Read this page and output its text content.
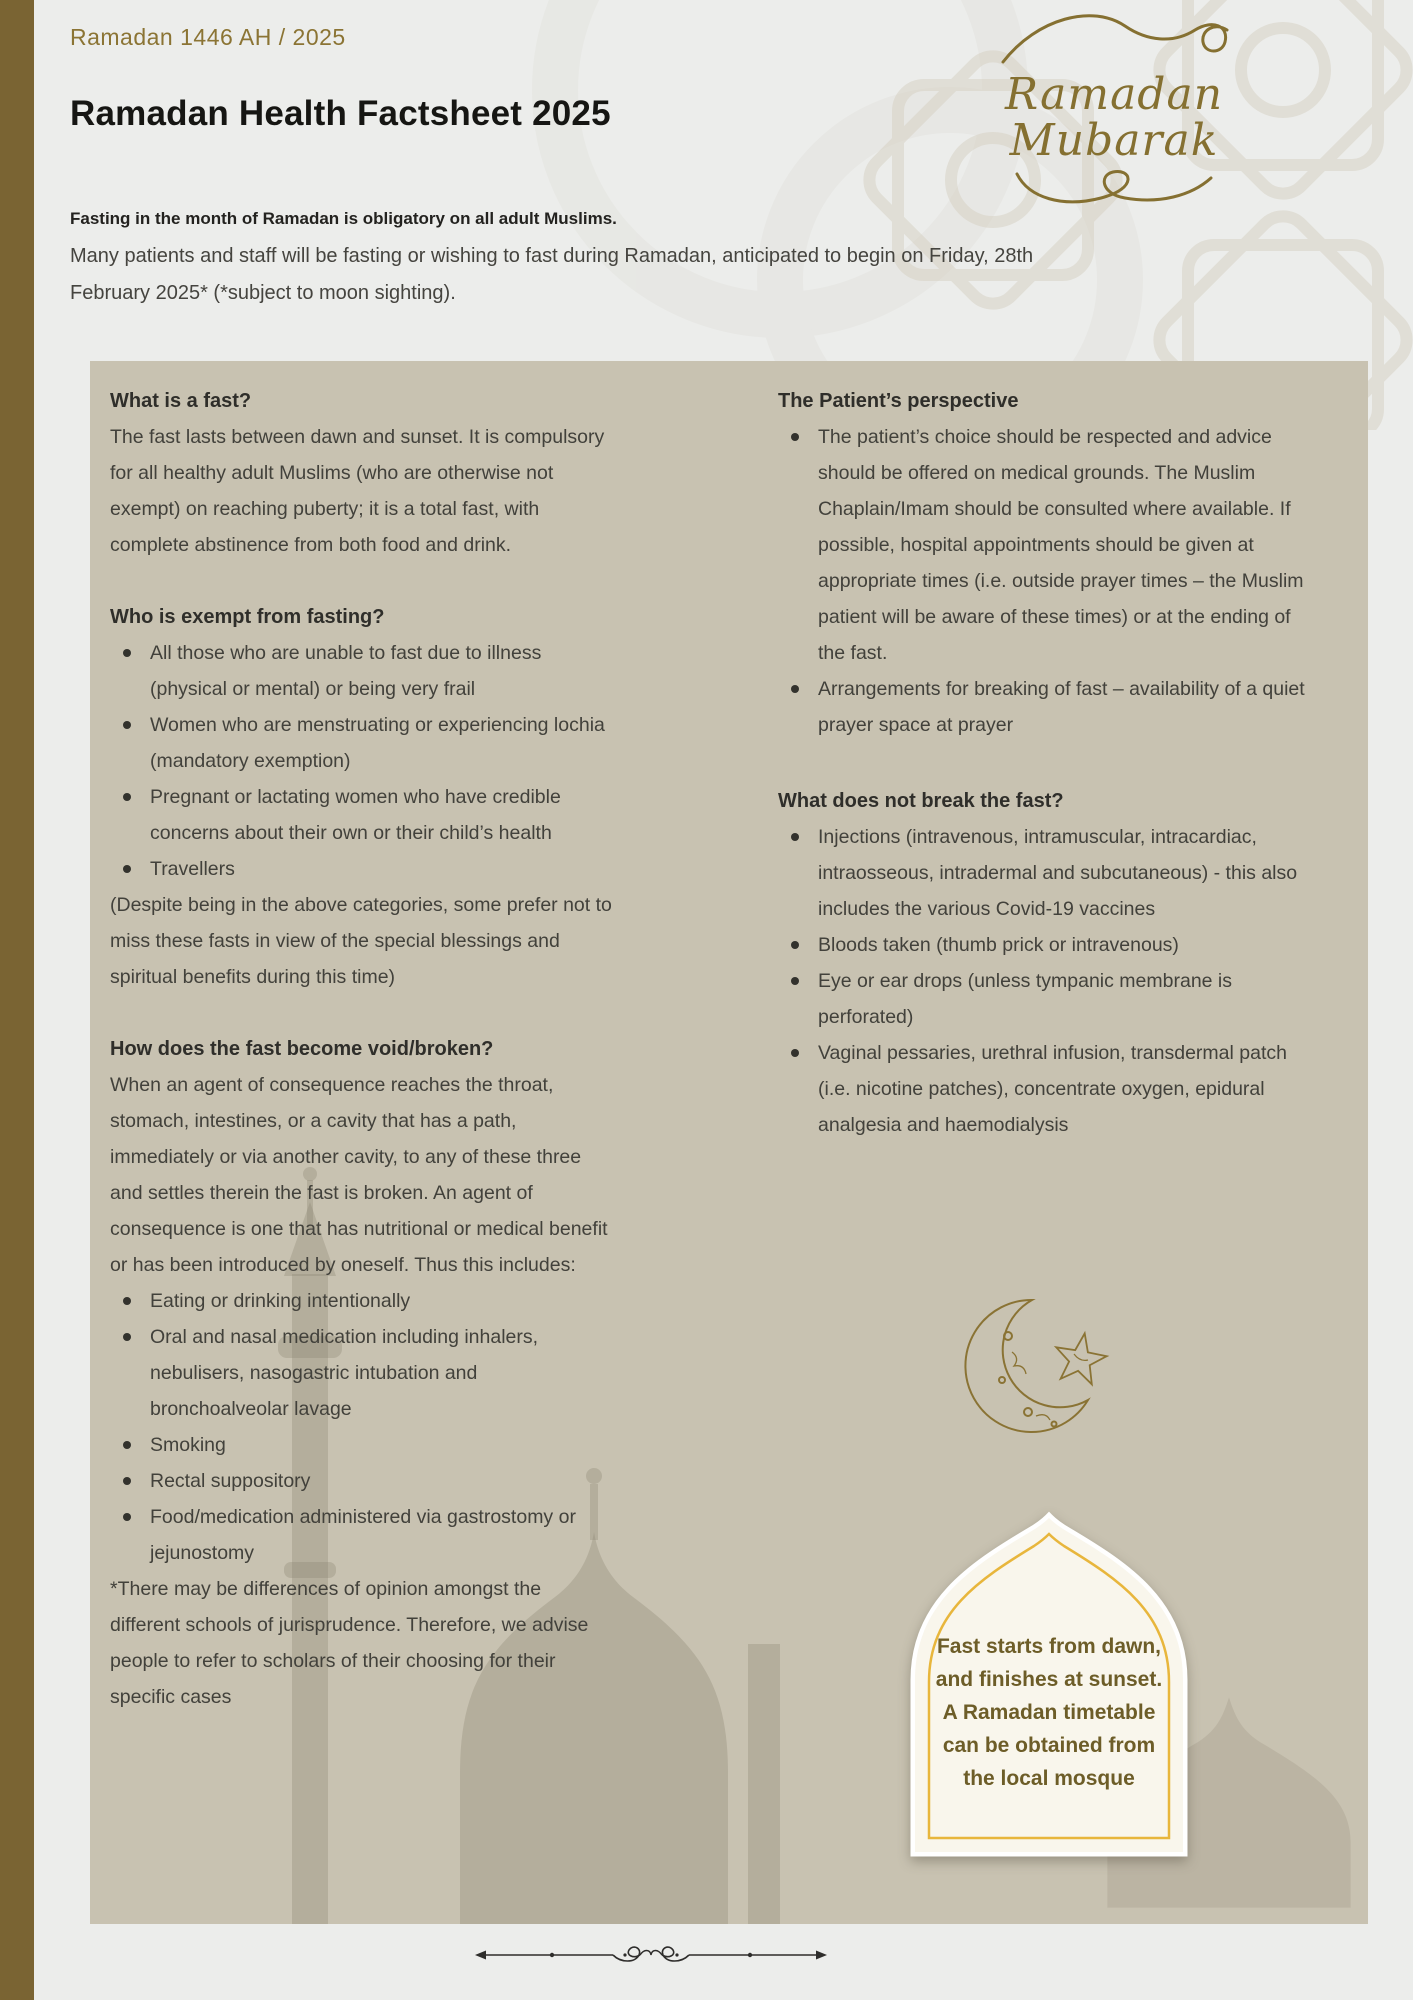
Ramadan 1446 AH / 2025
Ramadan Health Factsheet 2025
Fasting in the month of Ramadan is obligatory on all adult Muslims.
Many patients and staff will be fasting or wishing to fast during Ramadan, anticipated to begin on Friday, 28th February 2025* (*subject to moon sighting).
Ramadan
Mubarak
What is a fast?

The fast lasts between dawn and sunset. It is compulsory for all healthy adult Muslims (who are otherwise not exempt) on reaching puberty; it is a total fast, with complete abstinence from both food and drink.

Who is exempt from fasting?
All those who are unable to fast due to illness (physical or mental) or being very frail
Women who are menstruating or experiencing lochia (mandatory exemption)
Pregnant or lactating women who have credible concerns about their own or their child’s health
Travellers

(Despite being in the above categories, some prefer not to miss these fasts in view of the special blessings and spiritual benefits during this time)

How does the fast become void/broken?

When an agent of consequence reaches the throat, stomach, intestines, or a cavity that has a path, immediately or via another cavity, to any of these three and settles therein the fast is broken. An agent of consequence is one that has nutritional or medical benefit or has been introduced by oneself. Thus this includes:

Eating or drinking intentionally
Oral and nasal medication including inhalers, nebulisers, nasogastric intubation and bronchoalveolar lavage
Smoking
Rectal suppository
Food/medication administered via gastrostomy or jejunostomy

*There may be differences of opinion amongst the different schools of jurisprudence. Therefore, we advise people to refer to scholars of their choosing for their specific cases

The Patient’s perspective
The patient’s choice should be respected and advice should be offered on medical grounds. The Muslim Chaplain/Imam should be consulted where available. If possible, hospital appointments should be given at appropriate times (i.e. outside prayer times – the Muslim patient will be aware of these times) or at the ending of the fast.
Arrangements for breaking of fast – availability of a quiet prayer space at prayer
What does not break the fast?
Injections (intravenous, intramuscular, intracardiac, intraosseous, intradermal and subcutaneous) - this also includes the various Covid-19 vaccines
Bloods taken (thumb prick or intravenous)
Eye or ear drops (unless tympanic membrane is perforated)
Vaginal pessaries, urethral infusion, transdermal patch (i.e. nicotine patches), concentrate oxygen, epidural analgesia and haemodialysis
Fast starts from dawn, and finishes at sunset. A Ramadan timetable can be obtained from the local mosque
